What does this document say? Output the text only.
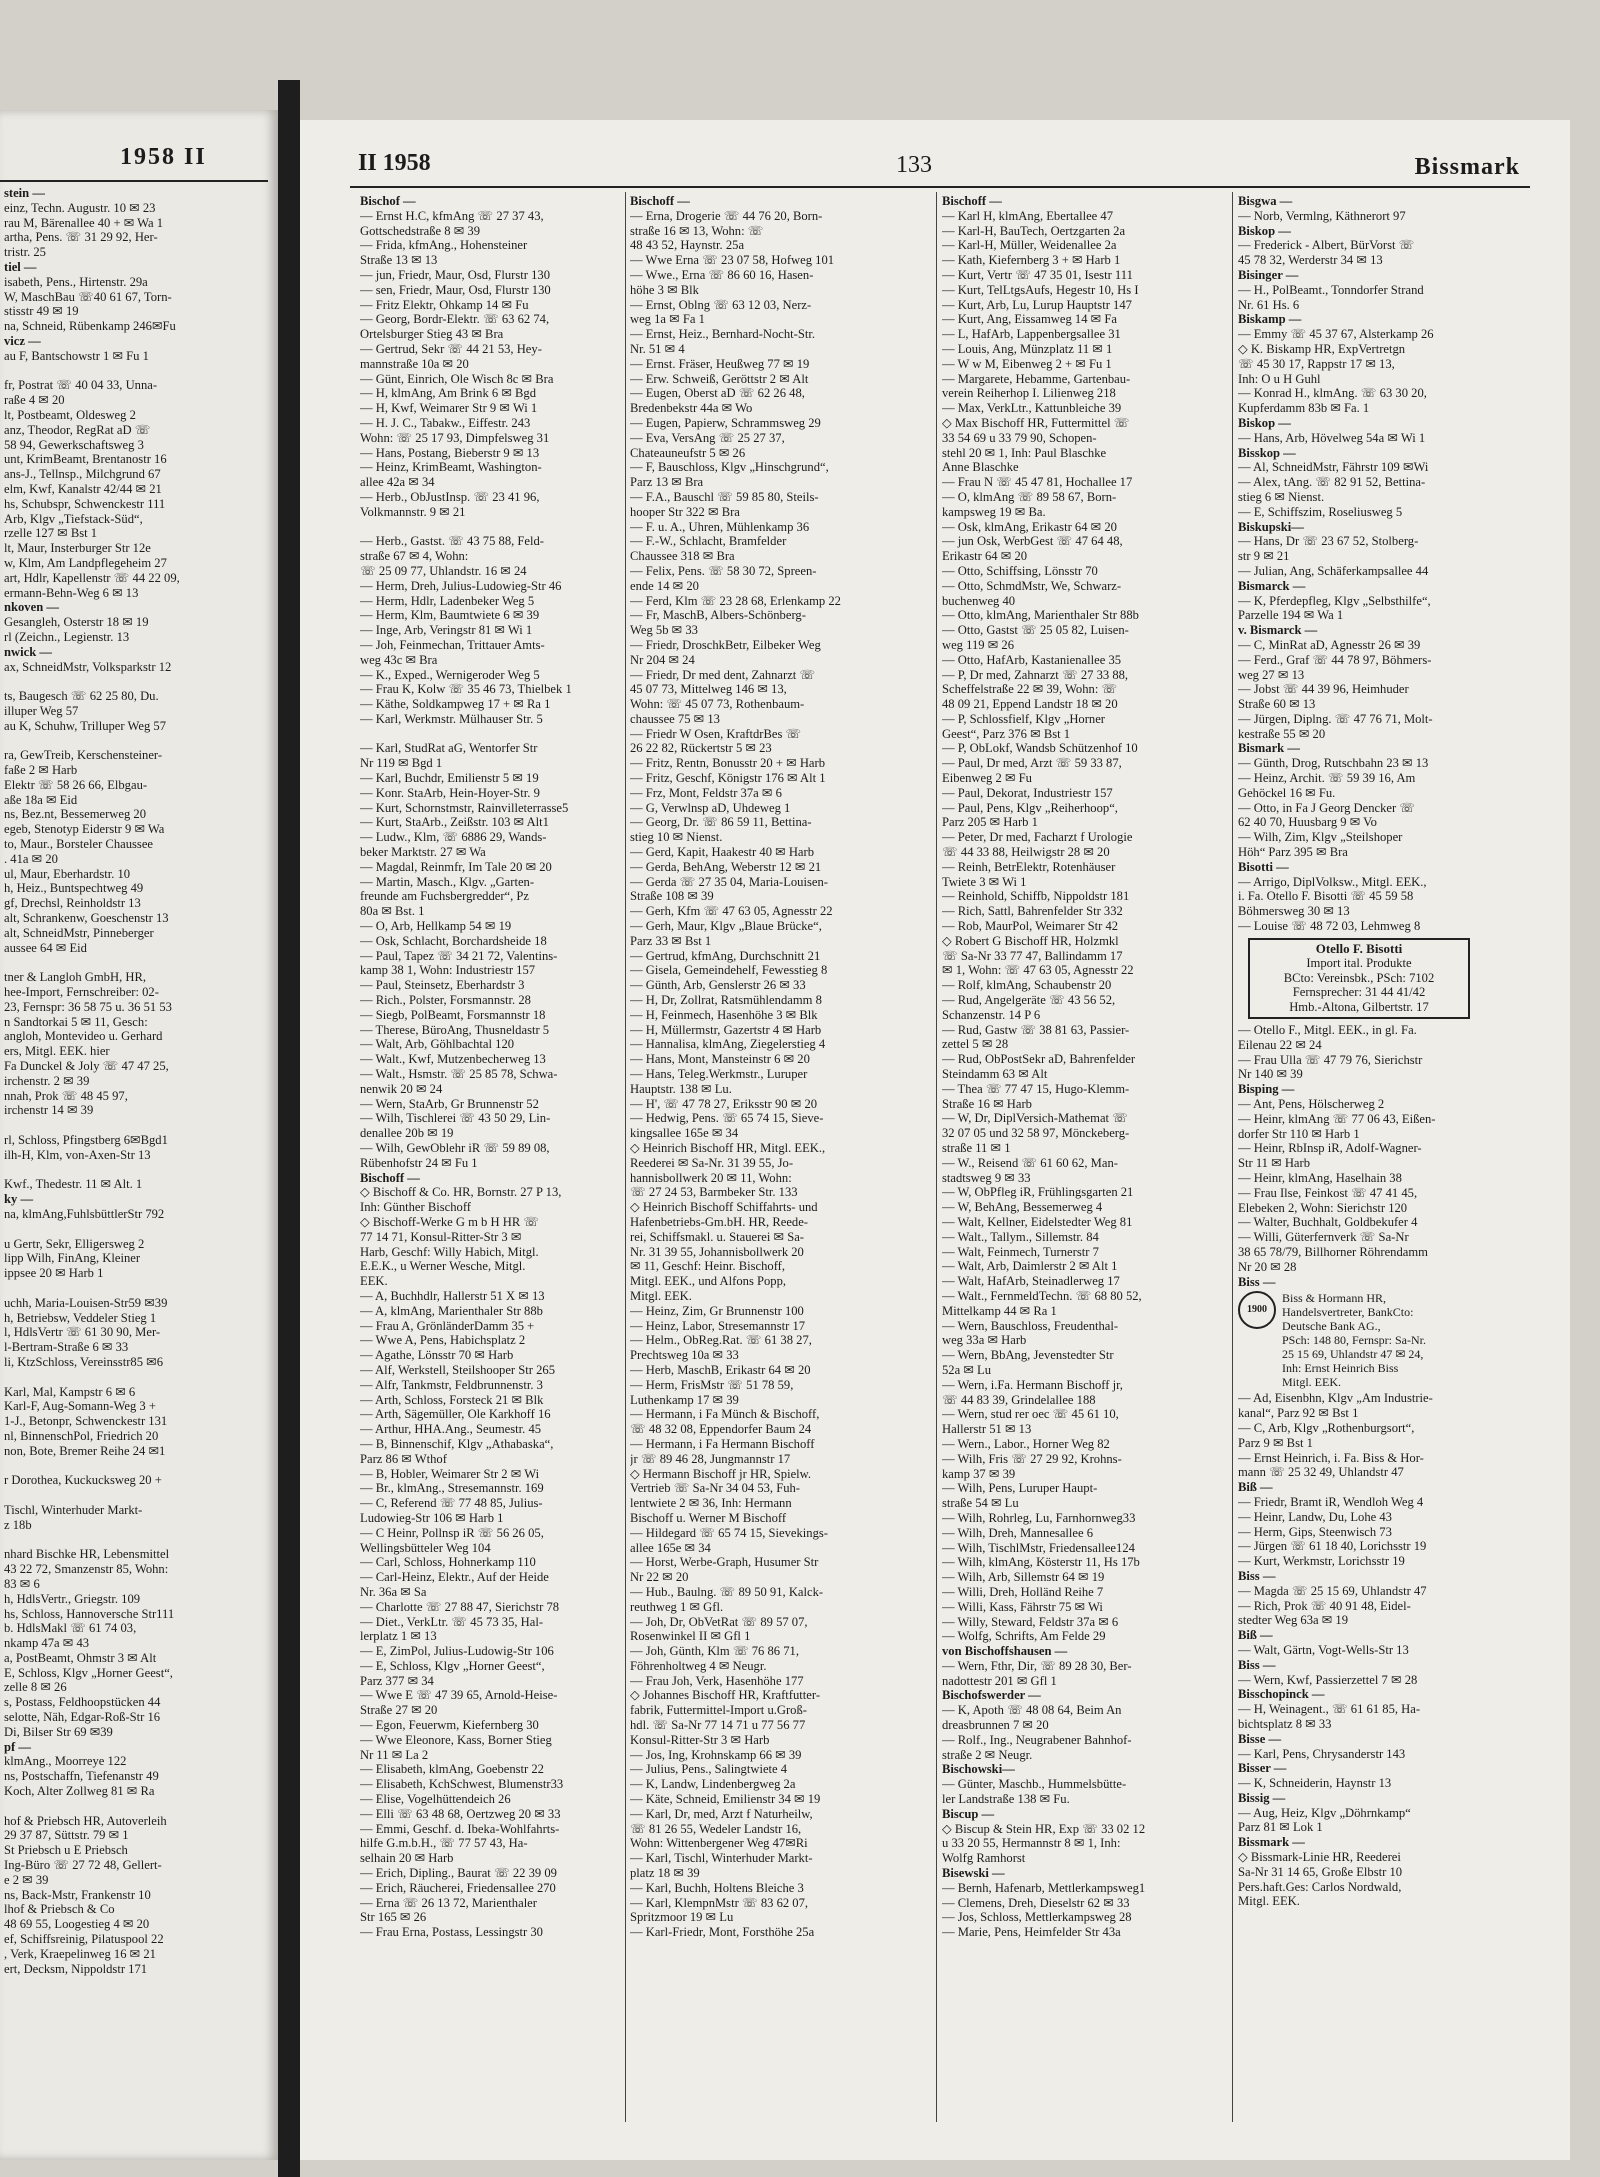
1958 II
stein —
einz, Techn. Augustr. 10 ✉ 23
rau M, Bärenallee 40 + ✉ Wa 1
artha, Pens. ☏ 31 29 92, Her-
tristr. 25
tiel —
isabeth, Pens., Hirtenstr. 29a
W, MaschBau ☏40 61 67, Torn-
stisstr 49 ✉ 19
na, Schneid, Rübenkamp 246✉Fu
vicz —
au F, Bantschowstr 1 ✉ Fu 1

fr, Postrat ☏ 40 04 33, Unna-
raße 4 ✉ 20
lt, Postbeamt, Oldesweg 2
anz, Theodor, RegRat aD ☏
58 94, Gewerkschaftsweg 3
unt, KrimBeamt, Brentanostr 16
ans-J., Tellnsp., Milchgrund 67
elm, Kwf, Kanalstr 42/44 ✉ 21
hs, Schubspr, Schwenckestr 111
Arb, Klgv „Tiefstack-Süd“,
rzelle 127 ✉ Bst 1
lt, Maur, Insterburger Str 12e
w, Klm, Am Landpflegeheim 27
art, Hdlr, Kapellenstr ☏ 44 22 09,
ermann-Behn-Weg 6 ✉ 13
nkoven —
Gesangleh, Osterstr 18 ✉ 19
rl (Zeichn., Legienstr. 13
nwick —
ax, SchneidMstr, Volksparkstr 12

ts, Baugesch ☏ 62 25 80, Du.
illuper Weg 57
au K, Schuhw, Trilluper Weg 57

ra, GewTreib, Kerschensteiner-
faße 2 ✉ Harb
Elektr ☏ 58 26 66, Elbgau-
aße 18a ✉ Eid
ns, Bez.nt, Bessemerweg 20
egeb, Stenotyp Eiderstr 9 ✉ Wa
to, Maur., Borsteler Chaussee
. 41a ✉ 20
ul, Maur, Eberhardstr. 10
h, Heiz., Buntspechtweg 49
gf, Drechsl, Reinholdstr 13
alt, Schrankenw, Goeschenstr 13
alt, SchneidMstr, Pinneberger
aussee 64 ✉ Eid

tner & Langloh GmbH, HR,
hee-Import, Fernschreiber: 02-
23, Fernspr: 36 58 75 u. 36 51 53
n Sandtorkai 5 ✉ 11, Gesch:
angloh, Montevideo u. Gerhard
ers, Mitgl. EEK. hier
Fa Dunckel & Joly ☏ 47 47 25,
irchenstr. 2 ✉ 39
nnah, Prok ☏ 48 45 97,
irchenstr 14 ✉ 39

rl, Schloss, Pfingstberg 6✉Bgd1
ilh-H, Klm, von-Axen-Str 13

Kwf., Thedestr. 11 ✉ Alt. 1
ky —
na, klmAng,FuhlsbüttlerStr 792

u Gertr, Sekr, Elligersweg 2
lipp Wilh, FinAng, Kleiner
ippsee 20 ✉ Harb 1

uchh, Maria-Louisen-Str59 ✉39
h, Betriebsw, Veddeler Stieg 1
l, HdlsVertr ☏ 61 30 90, Mer-
l-Bertram-Straße 6 ✉ 33
li, KtzSchloss, Vereinsstr85 ✉6

Karl, Mal, Kampstr 6 ✉ 6
Karl-F, Aug-Somann-Weg 3 +
1-J., Betonpr, Schwenckestr 131
nl, BinnenschPol, Friedrich 20
non, Bote, Bremer Reihe 24 ✉1

r Dorothea, Kuckucksweg 20 +

Tischl, Winterhuder Markt-
z 18b

nhard Bischke HR, Lebensmittel
43 22 72, Smanzenstr 85, Wohn:
83 ✉ 6
h, HdlsVertr., Griegstr. 109
hs, Schloss, Hannoversche Str111
b. HdlsMakl ☏ 61 74 03,
nkamp 47a ✉ 43
a, PostBeamt, Ohmstr 3 ✉ Alt
E, Schloss, Klgv „Horner Geest“,
zelle 8 ✉ 26
s, Postass, Feldhoopstücken 44
selotte, Näh, Edgar-Roß-Str 16
Di, Bilser Str 69 ✉39
pf —
klmAng., Moorreye 122
ns, Postschaffn, Tiefenanstr 49
Koch, Alter Zollweg 81 ✉ Ra

hof & Priebsch HR, Autoverleih
29 37 87, Süttstr. 79 ✉ 1
St Priebsch u E Priebsch
Ing-Büro ☏ 27 72 48, Gellert-
e 2 ✉ 39
ns, Back-Mstr, Frankenstr 10
lhof & Priebsch & Co
48 69 55, Loogestieg 4 ✉ 20
ef, Schiffsreinig, Pilatuspool 22
, Verk, Kraepelinweg 16 ✉ 21
ert, Decksm, Nippoldstr 171
II 1958	133	Bissmark
Bischof —
— Ernst H.C, kfmAng ☏ 27 37 43,
Gottschedstraße 8 ✉ 39
— Frida, kfmAng., Hohensteiner
Straße 13 ✉ 13
— jun, Friedr, Maur, Osd, Flurstr 130
— sen, Friedr, Maur, Osd, Flurstr 130
— Fritz Elektr, Ohkamp 14 ✉ Fu
— Georg, Bordr-Elektr. ☏ 63 62 74,
Ortelsburger Stieg 43 ✉ Bra
— Gertrud, Sekr ☏ 44 21 53, Hey-
mannstraße 10a ✉ 20
— Günt, Einrich, Ole Wisch 8c ✉ Bra
— H, klmAng, Am Brink 6 ✉ Bgd
— H, Kwf, Weimarer Str 9 ✉ Wi 1
— H. J. C., Tabakw., Eiffestr. 243
Wohn: ☏ 25 17 93, Dimpfelsweg 31
— Hans, Postang, Bieberstr 9 ✉ 13
— Heinz, KrimBeamt, Washington-
allee 42a ✉ 34
— Herb., ObJustInsp. ☏ 23 41 96,
Volkmannstr. 9 ✉ 21

— Herb., Gastst. ☏ 43 75 88, Feld-
straße 67 ✉ 4, Wohn:
☏ 25 09 77, Uhlandstr. 16 ✉ 24
— Herm, Dreh, Julius-Ludowieg-Str 46
— Herm, Hdlr, Ladenbeker Weg 5
— Herm, Klm, Baumtwiete 6 ✉ 39
— Inge, Arb, Veringstr 81 ✉ Wi 1
— Joh, Feinmechan, Trittauer Amts-
weg 43c ✉ Bra
— K., Exped., Wernigeroder Weg 5
— Frau K, Kolw ☏ 35 46 73, Thielbek 1
— Käthe, Soldkampweg 17 + ✉ Ra 1
— Karl, Werkmstr. Mülhauser Str. 5

— Karl, StudRat aG, Wentorfer Str
Nr 119 ✉ Bgd 1
— Karl, Buchdr, Emilienstr 5 ✉ 19
— Konr. StaArb, Hein-Hoyer-Str. 9
— Kurt, Schornstmstr, Rainvilleterrasse5
— Kurt, StaArb., Zeißstr. 103 ✉ Alt1
— Ludw., Klm, ☏ 6886 29, Wands-
beker Marktstr. 27 ✉ Wa
— Magdal, Reinmfr, Im Tale 20 ✉ 20
— Martin, Masch., Klgv. „Garten-
freunde am Fuchsbergredder“, Pz
80a ✉ Bst. 1
— O, Arb, Hellkamp 54 ✉ 19
— Osk, Schlacht, Borchardsheide 18
— Paul, Tapez ☏ 34 21 72, Valentins-
kamp 38 1, Wohn: Industriestr 157
— Paul, Steinsetz, Eberhardstr 3
— Rich., Polster, Forsmannstr. 28
— Siegb, PolBeamt, Forsmannstr 18
— Therese, BüroAng, Thusneldastr 5
— Walt, Arb, Göhlbachtal 120
— Walt., Kwf, Mutzenbecherweg 13
— Walt., Hsmstr. ☏ 25 85 78, Schwa-
nenwik 20 ✉ 24
— Wern, StaArb, Gr Brunnenstr 52
— Wilh, Tischlerei ☏ 43 50 29, Lin-
denallee 20b ✉ 19
— Wilh, GewOblehr iR ☏ 59 89 08,
Rübenhofstr 24 ✉ Fu 1
Bischoff —
◇ Bischoff & Co. HR, Bornstr. 27 P 13,
Inh: Günther Bischoff
◇ Bischoff-Werke G m b H HR ☏
77 14 71, Konsul-Ritter-Str 3 ✉
Harb, Geschf: Willy Habich, Mitgl.
E.E.K., u Werner Wesche, Mitgl.
EEK.
— A, Buchhdlr, Hallerstr 51 X ✉ 13
— A, klmAng, Marienthaler Str 88b
— Frau A, GrönländerDamm 35 +
— Wwe A, Pens, Habichsplatz 2
— Agathe, Lönsstr 70 ✉ Harb
— Alf, Werkstell, Steilshooper Str 265
— Alfr, Tankmstr, Feldbrunnenstr. 3
— Arth, Schloss, Forsteck 21 ✉ Blk
— Arth, Sägemüller, Ole Karkhoff 16
— Arthur, HHA.Ang., Seumestr. 45
— B, Binnenschif, Klgv „Athabaska“,
Parz 86 ✉ Wthof
— B, Hobler, Weimarer Str 2 ✉ Wi
— Br., klmAng., Stresemannstr. 169
— C, Referend ☏ 77 48 85, Julius-
Ludowieg-Str 106 ✉ Harb 1
— C Heinr, Pollnsp iR ☏ 56 26 05,
Wellingsbütteler Weg 104
— Carl, Schloss, Hohnerkamp 110
— Carl-Heinz, Elektr., Auf der Heide
Nr. 36a ✉ Sa
— Charlotte ☏ 27 88 47, Sierichstr 78
— Diet., VerkLtr. ☏ 45 73 35, Hal-
lerplatz 1 ✉ 13
— E, ZimPol, Julius-Ludowig-Str 106
— E, Schloss, Klgv „Horner Geest“,
Parz 377 ✉ 34
— Wwe E ☏ 47 39 65, Arnold-Heise-
Straße 27 ✉ 20
— Egon, Feuerwm, Kiefernberg 30
— Wwe Eleonore, Kass, Borner Stieg
Nr 11 ✉ La 2
— Elisabeth, klmAng, Goebenstr 22
— Elisabeth, KchSchwest, Blumenstr33
— Elise, Vogelhüttendeich 26
— Elli ☏ 63 48 68, Oertzweg 20 ✉ 33
— Emmi, Geschf. d. Ibeka-Wohlfahrts-
hilfe G.m.b.H., ☏ 77 57 43, Ha-
selhain 20 ✉ Harb
— Erich, Dipling., Baurat ☏ 22 39 09
— Erich, Räucherei, Friedensallee 270
— Erna ☏ 26 13 72, Marienthaler
Str 165 ✉ 26
— Frau Erna, Postass, Lessingstr 30
Bischoff —
— Erna, Drogerie ☏ 44 76 20, Born-
straße 16 ✉ 13, Wohn: ☏
48 43 52, Haynstr. 25a
— Wwe Erna ☏ 23 07 58, Hofweg 101
— Wwe., Erna ☏ 86 60 16, Hasen-
höhe 3 ✉ Blk
— Ernst, Oblng ☏ 63 12 03, Nerz-
weg 1a ✉ Fa 1
— Ernst, Heiz., Bernhard-Nocht-Str.
Nr. 51 ✉ 4
— Ernst. Fräser, Heußweg 77 ✉ 19
— Erw. Schweiß, Geröttstr 2 ✉ Alt
— Eugen, Oberst aD ☏ 62 26 48,
Bredenbekstr 44a ✉ Wo
— Eugen, Papierw, Schrammsweg 29
— Eva, VersAng ☏ 25 27 37,
Chateauneufstr 5 ✉ 26
— F, Bauschloss, Klgv „Hinschgrund“,
Parz 13 ✉ Bra
— F.A., Bauschl ☏ 59 85 80, Steils-
hooper Str 322 ✉ Bra
— F. u. A., Uhren, Mühlenkamp 36
— F.-W., Schlacht, Bramfelder
Chaussee 318 ✉ Bra
— Felix, Pens. ☏ 58 30 72, Spreen-
ende 14 ✉ 20
— Ferd, Klm ☏ 23 28 68, Erlenkamp 22
— Fr, MaschB, Albers-Schönberg-
Weg 5b ✉ 33
— Friedr, DroschkBetr, Eilbeker Weg
Nr 204 ✉ 24
— Friedr, Dr med dent, Zahnarzt ☏
45 07 73, Mittelweg 146 ✉ 13,
Wohn: ☏ 45 07 73, Rothenbaum-
chaussee 75 ✉ 13
— Friedr W Osen, KraftdrBes ☏
26 22 82, Rückertstr 5 ✉ 23
— Fritz, Rentn, Bonusstr 20 + ✉ Harb
— Fritz, Geschf, Königstr 176 ✉ Alt 1
— Frz, Mont, Feldstr 37a ✉ 6
— G, Verwlnsp aD, Uhdeweg 1
— Georg, Dr. ☏ 86 59 11, Bettina-
stieg 10 ✉ Nienst.
— Gerd, Kapit, Haakestr 40 ✉ Harb
— Gerda, BehAng, Weberstr 12 ✉ 21
— Gerda ☏ 27 35 04, Maria-Louisen-
Straße 108 ✉ 39
— Gerh, Kfm ☏ 47 63 05, Agnesstr 22
— Gerh, Maur, Klgv „Blaue Brücke“,
Parz 33 ✉ Bst 1
— Gertrud, kfmAng, Durchschnitt 21
— Gisela, Gemeindehelf, Fewesstieg 8
— Günth, Arb, Genslerstr 26 ✉ 33
— H, Dr, Zollrat, Ratsmühlendamm 8
— H, Feinmech, Hasenhöhe 3 ✉ Blk
— H, Müllermstr, Gazertstr 4 ✉ Harb
— Hannalisa, klmAng, Ziegelerstieg 4
— Hans, Mont, Mansteinstr 6 ✉ 20
— Hans, Teleg.Werkmstr., Luruper
Hauptstr. 138 ✉ Lu.
— H', ☏ 47 78 27, Eriksstr 90 ✉ 20
— Hedwig, Pens. ☏ 65 74 15, Sieve-
kingsallee 165e ✉ 34
◇ Heinrich Bischoff HR, Mitgl. EEK.,
Reederei ✉ Sa-Nr. 31 39 55, Jo-
hannisbollwerk 20 ✉ 11, Wohn:
☏ 27 24 53, Barmbeker Str. 133
◇ Heinrich Bischoff Schiffahrts- und
Hafenbetriebs-Gm.bH. HR, Reede-
rei, Schiffsmakl. u. Stauerei ✉ Sa-
Nr. 31 39 55, Johannisbollwerk 20
✉ 11, Geschf: Heinr. Bischoff,
Mitgl. EEK., und Alfons Popp,
Mitgl. EEK.
— Heinz, Zim, Gr Brunnenstr 100
— Heinz, Labor, Stresemannstr 17
— Helm., ObReg.Rat. ☏ 61 38 27,
Prechtsweg 10a ✉ 33
— Herb, MaschB, Erikastr 64 ✉ 20
— Herm, FrisMstr ☏ 51 78 59,
Luthenkamp 17 ✉ 39
— Hermann, i Fa Münch & Bischoff,
☏ 48 32 08, Eppendorfer Baum 24
— Hermann, i Fa Hermann Bischoff
jr ☏ 89 46 28, Jungmannstr 17
◇ Hermann Bischoff jr HR, Spielw.
Vertrieb ☏ Sa-Nr 34 04 53, Fuh-
lentwiete 2 ✉ 36, Inh: Hermann
Bischoff u. Werner M Bischoff
— Hildegard ☏ 65 74 15, Sievekings-
allee 165e ✉ 34
— Horst, Werbe-Graph, Husumer Str
Nr 22 ✉ 20
— Hub., Baulng. ☏ 89 50 91, Kalck-
reuthweg 1 ✉ Gfl.
— Joh, Dr, ObVetRat ☏ 89 57 07,
Rosenwinkel II ✉ Gfl 1
— Joh, Günth, Klm ☏ 76 86 71,
Föhrenholtweg 4 ✉ Neugr.
— Frau Joh, Verk, Hasenhöhe 177
◇ Johannes Bischoff HR, Kraftfutter-
fabrik, Futtermittel-Import u.Groß-
hdl. ☏ Sa-Nr 77 14 71 u 77 56 77
Konsul-Ritter-Str 3 ✉ Harb
— Jos, Ing, Krohnskamp 66 ✉ 39
— Julius, Pens., Salingtwiete 4
— K, Landw, Lindenbergweg 2a
— Käte, Schneid, Emilienstr 34 ✉ 19
— Karl, Dr, med, Arzt f Naturheilw,
☏ 81 26 55, Wedeler Landstr 16,
Wohn: Wittenbergener Weg 47✉Ri
— Karl, Tischl, Winterhuder Markt-
platz 18 ✉ 39
— Karl, Buchh, Holtens Bleiche 3
— Karl, KlempnMstr ☏ 83 62 07,
Spritzmoor 19 ✉ Lu
— Karl-Friedr, Mont, Forsthöhe 25a
Bischoff —
— Karl H, klmAng, Ebertallee 47
— Karl-H, BauTech, Oertzgarten 2a
— Karl-H, Müller, Weidenallee 2a
— Kath, Kiefernberg 3 + ✉ Harb 1
— Kurt, Vertr ☏ 47 35 01, Isestr 111
— Kurt, TelLtgsAufs, Hegestr 10, Hs I
— Kurt, Arb, Lu, Lurup Hauptstr 147
— Kurt, Ang, Eissamweg 14 ✉ Fa
— L, HafArb, Lappenbergsallee 31
— Louis, Ang, Münzplatz 11 ✉ 1
— W w M, Eibenweg 2 + ✉ Fu 1
— Margarete, Hebamme, Gartenbau-
verein Reiherhop I. Lilienweg 218
— Max, VerkLtr., Kattunbleiche 39
◇ Max Bischoff HR, Futtermittel ☏
33 54 69 u 33 79 90, Schopen-
stehl 20 ✉ 1, Inh: Paul Blaschke
Anne Blaschke
— Frau N ☏ 45 47 81, Hochallee 17
— O, klmAng ☏ 89 58 67, Born-
kampsweg 19 ✉ Ba.
— Osk, klmAng, Erikastr 64 ✉ 20
— jun Osk, WerbGest ☏ 47 64 48,
Erikastr 64 ✉ 20
— Otto, Schiffsing, Lönsstr 70
— Otto, SchmdMstr, We, Schwarz-
buchenweg 40
— Otto, klmAng, Marienthaler Str 88b
— Otto, Gastst ☏ 25 05 82, Luisen-
weg 119 ✉ 26
— Otto, HafArb, Kastanienallee 35
— P, Dr med, Zahnarzt ☏ 27 33 88,
Scheffelstraße 22 ✉ 39, Wohn: ☏
48 09 21, Eppend Landstr 18 ✉ 20
— P, Schlossfielf, Klgv „Horner
Geest“, Parz 376 ✉ Bst 1
— P, ObLokf, Wandsb Schützenhof 10
— Paul, Dr med, Arzt ☏ 59 33 87,
Eibenweg 2 ✉ Fu
— Paul, Dekorat, Industriestr 157
— Paul, Pens, Klgv „Reiherhoop“,
Parz 205 ✉ Harb 1
— Peter, Dr med, Facharzt f Urologie
☏ 44 33 88, Heilwigstr 28 ✉ 20
— Reinh, BetrElektr, Rotenhäuser
Twiete 3 ✉ Wi 1
— Reinhold, Schiffb, Nippoldstr 181
— Rich, Sattl, Bahrenfelder Str 332
— Rob, MaurPol, Weimarer Str 42
◇ Robert G Bischoff HR, Holzmkl
☏ Sa-Nr 33 77 47, Ballindamm 17
✉ 1, Wohn: ☏ 47 63 05, Agnesstr 22
— Rolf, klmAng, Schaubenstr 20
— Rud, Angelgeräte ☏ 43 56 52,
Schanzenstr. 14 P 6
— Rud, Gastw ☏ 38 81 63, Passier-
zettel 5 ✉ 28
— Rud, ObPostSekr aD, Bahrenfelder
Steindamm 63 ✉ Alt
— Thea ☏ 77 47 15, Hugo-Klemm-
Straße 16 ✉ Harb
— W, Dr, DiplVersich-Mathemat ☏
32 07 05 und 32 58 97, Mönckeberg-
straße 11 ✉ 1
— W., Reisend ☏ 61 60 62, Man-
stadtsweg 9 ✉ 33
— W, ObPfleg iR, Frühlingsgarten 21
— W, BehAng, Bessemerweg 4
— Walt, Kellner, Eidelstedter Weg 81
— Walt., Tallym., Sillemstr. 84
— Walt, Feinmech, Turnerstr 7
— Walt, Arb, Daimlerstr 2 ✉ Alt 1
— Walt, HafArb, Steinadlerweg 17
— Walt., FernmeldTechn. ☏ 68 80 52,
Mittelkamp 44 ✉ Ra 1
— Wern, Bauschloss, Freudenthal-
weg 33a ✉ Harb
— Wern, BbAng, Jevenstedter Str
52a ✉ Lu
— Wern, i.Fa. Hermann Bischoff jr,
☏ 44 83 39, Grindelallee 188
— Wern, stud rer oec ☏ 45 61 10,
Hallerstr 51 ✉ 13
— Wern., Labor., Horner Weg 82
— Wilh, Fris ☏ 27 29 92, Krohns-
kamp 37 ✉ 39
— Wilh, Pens, Luruper Haupt-
straße 54 ✉ Lu
— Wilh, Rohrleg, Lu, Farnhornweg33
— Wilh, Dreh, Mannesallee 6
— Wilh, TischlMstr, Friedensallee124
— Wilh, klmAng, Kösterstr 11, Hs 17b
— Wilh, Arb, Sillemstr 64 ✉ 19
— Willi, Dreh, Holländ Reihe 7
— Willi, Kass, Fährstr 75 ✉ Wi
— Willy, Steward, Feldstr 37a ✉ 6
— Wolfg, Schrifts, Am Felde 29
von Bischoffshausen —
— Wern, Fthr, Dir, ☏ 89 28 30, Ber-
nadottestr 201 ✉ Gfl 1
Bischofswerder —
— K, Apoth ☏ 48 08 64, Beim An
dreasbrunnen 7 ✉ 20
— Rolf., Ing., Neugrabener Bahnhof-
straße 2 ✉ Neugr.
Bischowski—
— Günter, Maschb., Hummelsbütte-
ler Landstraße 138 ✉ Fu.
Biscup —
◇ Biscup & Stein HR, Exp ☏ 33 02 12
u 33 20 55, Hermannstr 8 ✉ 1, Inh:
Wolfg Ramhorst
Bisewski —
— Bernh, Hafenarb, Mettlerkampsweg1
— Clemens, Dreh, Dieselstr 62 ✉ 33
— Jos, Schloss, Mettlerkampsweg 28
— Marie, Pens, Heimfelder Str 43a
Bisgwa —
— Norb, Vermlng, Käthnerort 97
Biskop —
— Frederick - Albert, BürVorst ☏
45 78 32, Werderstr 34 ✉ 13
Bisinger —
— H., PolBeamt., Tonndorfer Strand
Nr. 61 Hs. 6
Biskamp —
— Emmy ☏ 45 37 67, Alsterkamp 26
◇ K. Biskamp HR, ExpVertretgn
☏ 45 30 17, Rappstr 17 ✉ 13,
Inh: O u H Guhl
— Konrad H., klmAng. ☏ 63 30 20,
Kupferdamm 83b ✉ Fa. 1
Biskop —
— Hans, Arb, Hövelweg 54a ✉ Wi 1
Bisskop —
— Al, SchneidMstr, Fährstr 109 ✉Wi
— Alex, tAng. ☏ 82 91 52, Bettina-
stieg 6 ✉ Nienst.
— E, Schiffszim, Roseliusweg 5
Biskupski—
— Hans, Dr ☏ 23 67 52, Stolberg-
str 9 ✉ 21
— Julian, Ang, Schäferkampsallee 44
Bismarck —
— K, Pferdepfleg, Klgv „Selbsthilfe“,
Parzelle 194 ✉ Wa 1
v. Bismarck —
— C, MinRat aD, Agnesstr 26 ✉ 39
— Ferd., Graf ☏ 44 78 97, Böhmers-
weg 27 ✉ 13
— Jobst ☏ 44 39 96, Heimhuder
Straße 60 ✉ 13
— Jürgen, Diplng. ☏ 47 76 71, Molt-
kestraße 55 ✉ 20
Bismark —
— Günth, Drog, Rutschbahn 23 ✉ 13
— Heinz, Archit. ☏ 59 39 16, Am
Gehöckel 16 ✉ Fu.
— Otto, in Fa J Georg Dencker ☏
62 40 70, Huusbarg 9 ✉ Vo
— Wilh, Zim, Klgv „Steilshoper
Höh“ Parz 395 ✉ Bra
Bisotti —
— Arrigo, DiplVolksw., Mitgl. EEK.,
i. Fa. Otello F. Bisotti ☏ 45 59 58
Böhmersweg 30 ✉ 13
— Louise ☏ 48 72 03, Lehmweg 8
Otello F. Bisotti
Import ital. Produkte
BCto: Vereinsbk., PSch: 7102
Fernsprecher: 31 44 41/42
Hmb.-Altona, Gilbertstr. 17
— Otello F., Mitgl. EEK., in gl. Fa.
Eilenau 22 ✉ 24
— Frau Ulla ☏ 47 79 76, Sierichstr
Nr 140 ✉ 39
Bisping —
— Ant, Pens, Hölscherweg 2
— Heinr, klmAng ☏ 77 06 43, Eißen-
dorfer Str 110 ✉ Harb 1
— Heinr, RbInsp iR, Adolf-Wagner-
Str 11 ✉ Harb
— Heinr, klmAng, Haselhain 38
— Frau Ilse, Feinkost ☏ 47 41 45,
Elebeken 2, Wohn: Sierichstr 120
— Walter, Buchhalt, Goldbekufer 4
— Willi, Güterfernverk ☏ Sa-Nr
38 65 78/79, Billhorner Röhrendamm
Nr 20 ✉ 28
Biss —
1900
Biss & Hormann HR,
Handelsvertreter, BankCto:
Deutsche Bank AG.,
PSch: 148 80, Fernspr: Sa-Nr.
25 15 69, Uhlandstr 47 ✉ 24,
Inh: Ernst Heinrich Biss
Mitgl. EEK.
— Ad, Eisenbhn, Klgv „Am Industrie-
kanal“, Parz 92 ✉ Bst 1
— C, Arb, Klgv „Rothenburgsort“,
Parz 9 ✉ Bst 1
— Ernst Heinrich, i. Fa. Biss & Hor-
mann ☏ 25 32 49, Uhlandstr 47
Biß —
— Friedr, Bramt iR, Wendloh Weg 4
— Heinr, Landw, Du, Lohe 43
— Herm, Gips, Steenwisch 73
— Jürgen ☏ 61 18 40, Lorichsstr 19
— Kurt, Werkmstr, Lorichsstr 19
Biss —
— Magda ☏ 25 15 69, Uhlandstr 47
— Rich, Prok ☏ 40 91 48, Eidel-
stedter Weg 63a ✉ 19
Biß —
— Walt, Gärtn, Vogt-Wells-Str 13
Biss —
— Wern, Kwf, Passierzettel 7 ✉ 28
Bisschopinck —
— H, Weinagent., ☏ 61 61 85, Ha-
bichtsplatz 8 ✉ 33
Bisse —
— Karl, Pens, Chrysanderstr 143
Bisser —
— K, Schneiderin, Haynstr 13
Bissig —
— Aug, Heiz, Klgv „Döhrnkamp“
Parz 81 ✉ Lok 1
Bissmark —
◇ Bissmark-Linie HR, Reederei
Sa-Nr 31 14 65, Große Elbstr 10
Pers.haft.Ges: Carlos Nordwald,
Mitgl. EEK.
